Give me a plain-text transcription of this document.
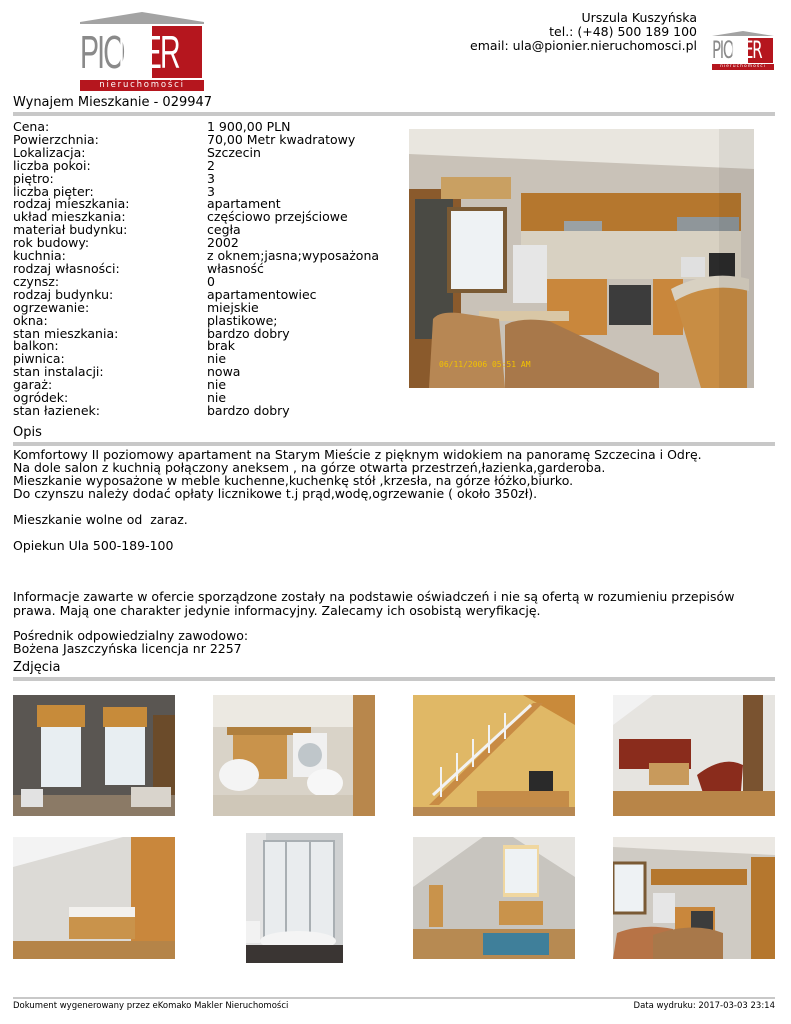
PIO
NIER
nieruchomości
Urszula Kuszyńska
tel.: (+48) 500 189 100
email: ula@pionier.nieruchomosci.pl PIO
NIER
nieruchomości
Wynajem Mieszkanie - 029947
Cena:	1 900,00 PLN
Powierzchnia:	70,00 Metr kwadratowy
Lokalizacja:	Szczecin
liczba pokoi:	2
piętro:	3
liczba pięter:	3
rodzaj mieszkania:	apartament
układ mieszkania:	częściowo przejściowe
materiał budynku:	cegła
rok budowy:	2002
kuchnia:	z oknem;jasna;wyposażona
rodzaj własności:	własność
czynsz:	0
rodzaj budynku:	apartamentowiec
ogrzewanie:	miejskie
okna:	plastikowe;
stan mieszkania:	bardzo dobry
balkon:	brak
piwnica:	nie
stan instalacji:	nowa
garaż:	nie
ogródek:	nie
stan łazienek:	bardzo dobry
06/11/2006 05:51 AM
Opis

Komfortowy II poziomowy apartament na Starym Mieście z pięknym widokiem na panoramę Szczecina i Odrę.

Na dole salon z kuchnią połączony aneksem , na górze otwarta przestrzeń,łazienka,garderoba.

Mieszkanie wyposażone w meble kuchenne,kuchenkę stół ,krzesła, na górze łóżko,biurko.

Do czynszu należy dodać opłaty licznikowe t.j prąd,wodę,ogrzewanie ( około 350zł).

Mieszkanie wolne od  zaraz.

Opiekun Ula 500-189-100

Informacje zawarte w ofercie sporządzone zostały na podstawie oświadczeń i nie są ofertą w rozumieniu przepisów prawa. Mają one charakter jedynie informacyjny. Zalecamy ich osobistą weryfikację.
Pośrednik odpowiedzialny zawodowo:
Bożena Jaszczyńska licencja nr 2257
Zdjęcia
Dokument wygenerowany przez eKomako Makler Nieruchomości	Data wydruku: 2017-03-03 23:14
